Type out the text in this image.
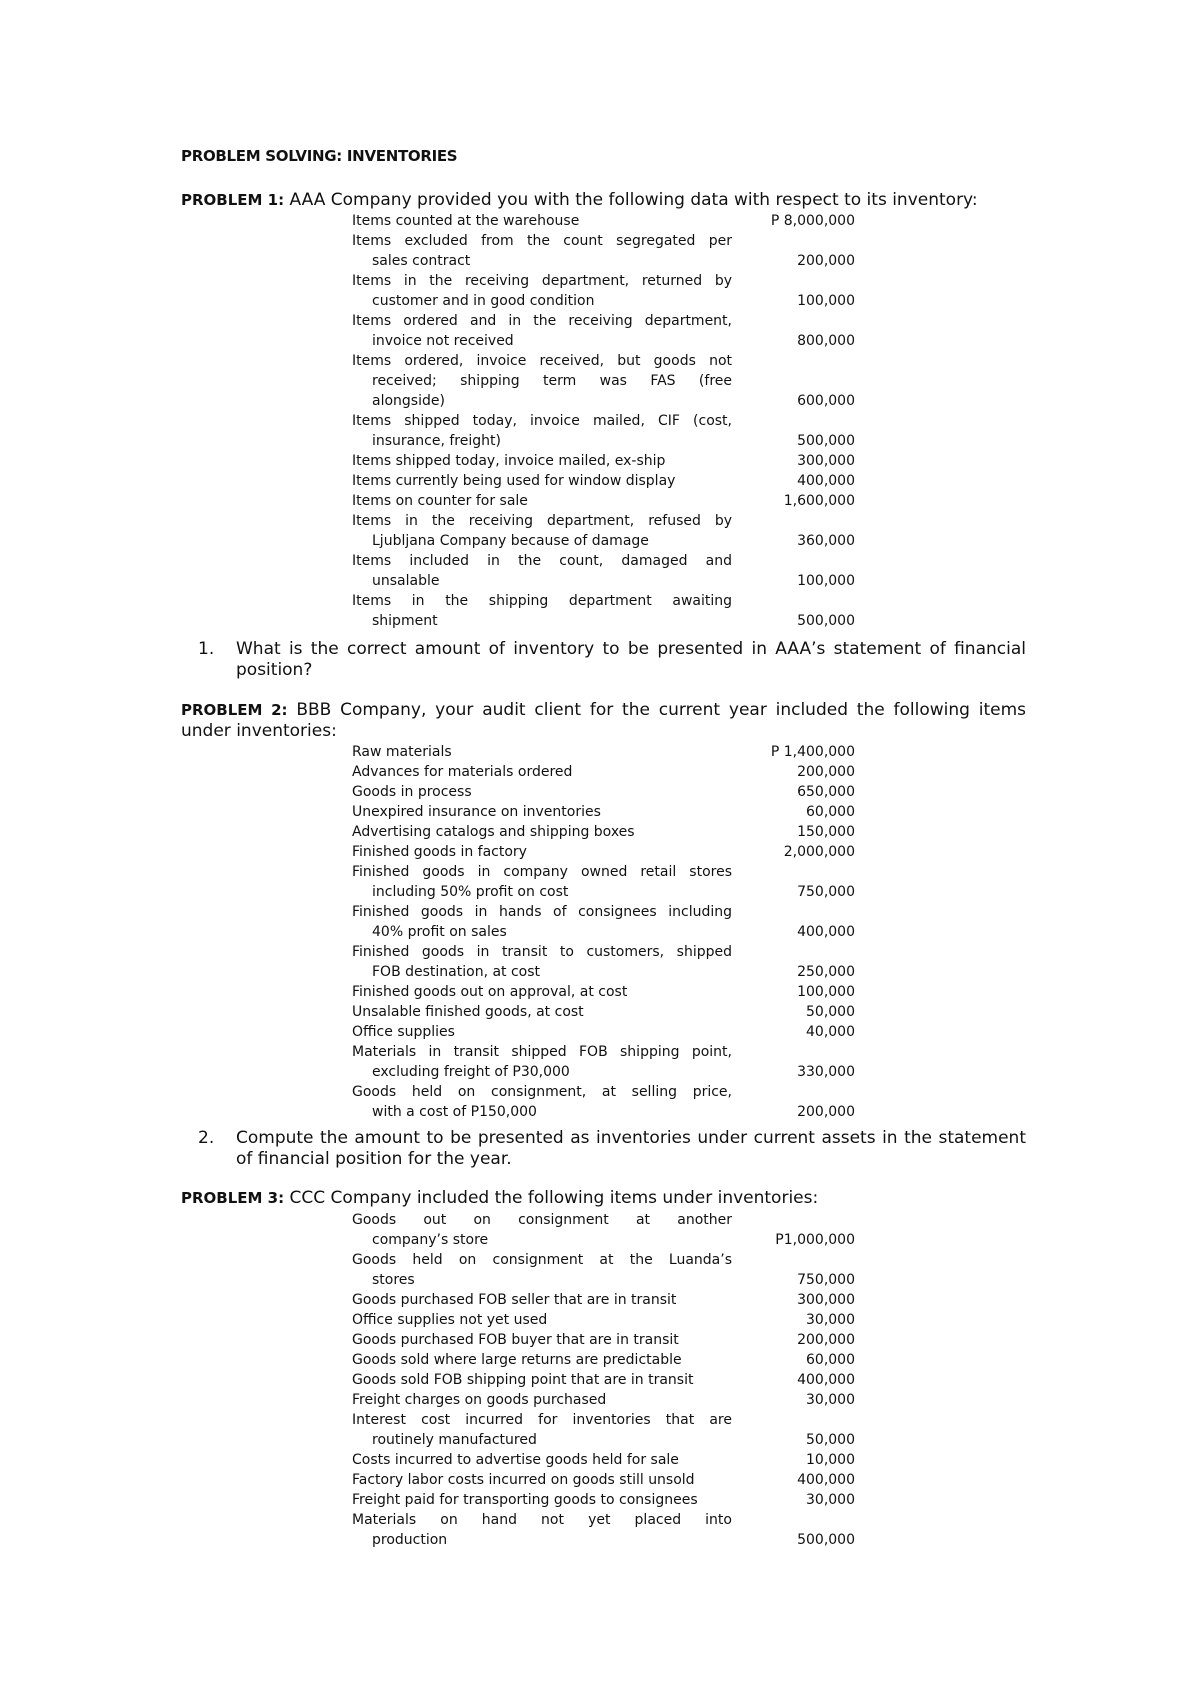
PROBLEM SOLVING: INVENTORIES
PROBLEM 1: AAA Company provided you with the following data with respect to its inventory:
Items counted at the warehouse	P 8,000,000
Items excluded from the count segregated per
sales contract	200,000
Items in the receiving department, returned by
customer and in good condition	100,000
Items ordered and in the receiving department,
invoice not received	800,000
Items ordered, invoice received, but goods not
received; shipping term was FAS (free
alongside)	600,000
Items shipped today, invoice mailed, CIF (cost,
insurance, freight)	500,000
Items shipped today, invoice mailed, ex-ship	300,000
Items currently being used for window display	400,000
Items on counter for sale	1,600,000
Items in the receiving department, refused by
Ljubljana Company because of damage	360,000
Items included in the count, damaged and
unsalable	100,000
Items in the shipping department awaiting
shipment	500,000
1.	What is the correct amount of inventory to be presented in AAA’s statement of financial position?
PROBLEM 2: BBB Company, your audit client for the current year included the following items under inventories:
Raw materials	P 1,400,000
Advances for materials ordered	200,000
Goods in process	650,000
Unexpired insurance on inventories	60,000
Advertising catalogs and shipping boxes	150,000
Finished goods in factory	2,000,000
Finished goods in company owned retail stores
including 50% profit on cost	750,000
Finished goods in hands of consignees including
40% profit on sales	400,000
Finished goods in transit to customers, shipped
FOB destination, at cost	250,000
Finished goods out on approval, at cost	100,000
Unsalable finished goods, at cost	50,000
Office supplies	40,000
Materials in transit shipped FOB shipping point,
excluding freight of P30,000	330,000
Goods held on consignment, at selling price,
with a cost of P150,000	200,000
2.	Compute the amount to be presented as inventories under current assets in the statement of financial position for the year.
PROBLEM 3: CCC Company included the following items under inventories:
Goods out on consignment at another
company’s store	P1,000,000
Goods held on consignment at the Luanda’s
stores	750,000
Goods purchased FOB seller that are in transit	300,000
Office supplies not yet used	30,000
Goods purchased FOB buyer that are in transit	200,000
Goods sold where large returns are predictable	60,000
Goods sold FOB shipping point that are in transit	400,000
Freight charges on goods purchased	30,000
Interest cost incurred for inventories that are
routinely manufactured	50,000
Costs incurred to advertise goods held for sale	10,000
Factory labor costs incurred on goods still unsold	400,000
Freight paid for transporting goods to consignees	30,000
Materials on hand not yet placed into
production	500,000
